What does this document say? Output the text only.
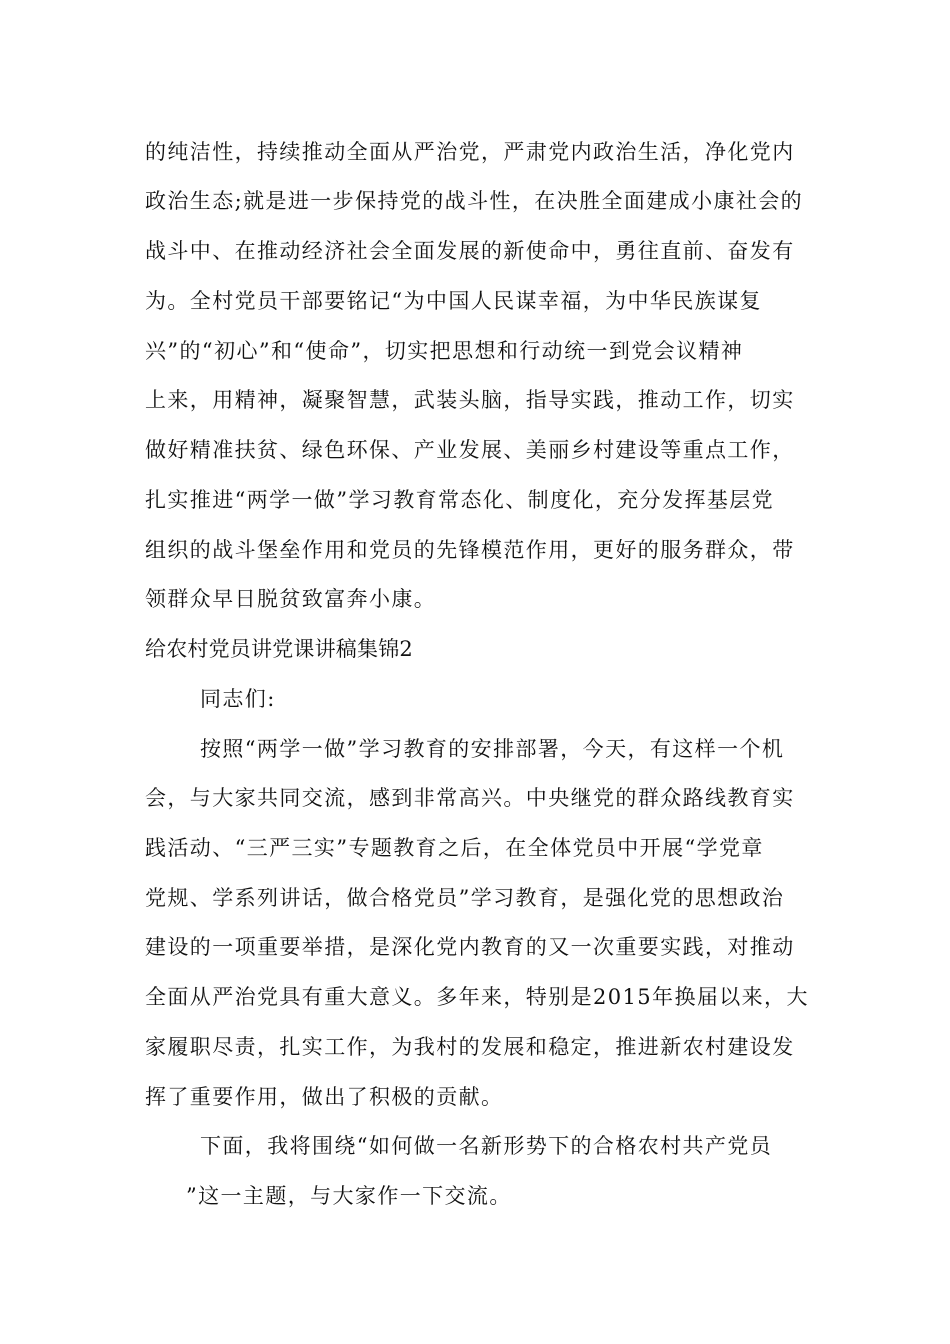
的纯洁性，持续推动全面从严治党，严肃党内政治生活，净化党内
政治生态;就是进一步保持党的战斗性，在决胜全面建成小康社会的
战斗中、在推动经济社会全面发展的新使命中，勇往直前、奋发有
为。全村党员干部要铭记“为中国人民谋幸福，为中华民族谋复
兴”的“初心”和“使命”，切实把思想和行动统一到党会议精神
上来，用精神，凝聚智慧，武装头脑，指导实践，推动工作，切实
做好精准扶贫、绿色环保、产业发展、美丽乡村建设等重点工作，
扎实推进“两学一做”学习教育常态化、制度化，充分发挥基层党
组织的战斗堡垒作用和党员的先锋模范作用，更好的服务群众，带
领群众早日脱贫致富奔小康。
给农村党员讲党课讲稿集锦2
同志们:
按照“两学一做”学习教育的安排部署，今天，有这样一个机
会，与大家共同交流，感到非常高兴。中央继党的群众路线教育实
践活动、“三严三实”专题教育之后，在全体党员中开展“学党章
党规、学系列讲话，做合格党员”学习教育，是强化党的思想政治
建设的一项重要举措，是深化党内教育的又一次重要实践，对推动
全面从严治党具有重大意义。多年来，特别是2015年换届以来，大
家履职尽责，扎实工作，为我村的发展和稳定，推进新农村建设发
挥了重要作用，做出了积极的贡献。
下面，我将围绕“如何做一名新形势下的合格农村共产党员
”这一主题，与大家作一下交流。
